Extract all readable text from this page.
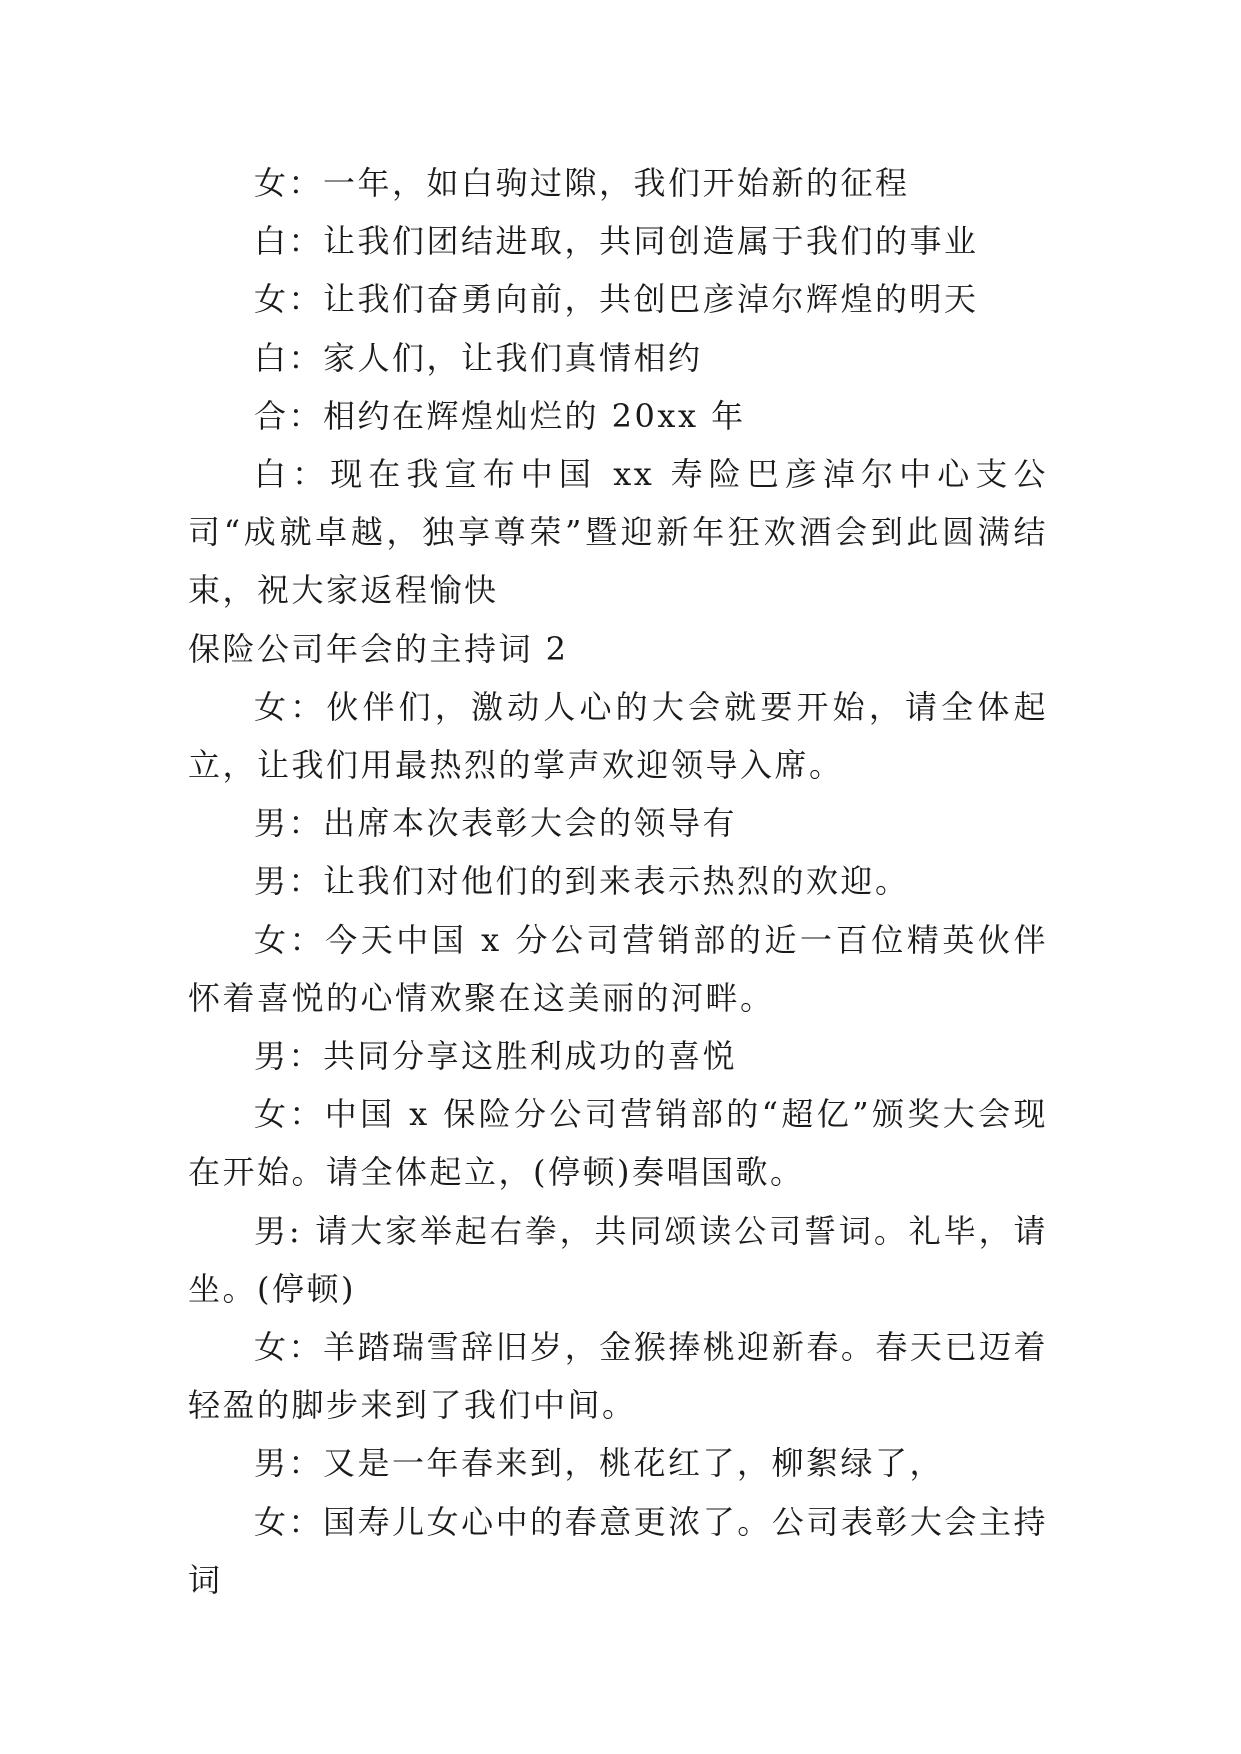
女：一年，如白驹过隙，我们开始新的征程

白：让我们团结进取，共同创造属于我们的事业

女：让我们奋勇向前，共创巴彦淖尔辉煌的明天

白：家人们，让我们真情相约

合：相约在辉煌灿烂的 20xx 年

白：现在我宣布中国 xx 寿险巴彦淖尔中心支公司“成就卓越，独享尊荣”暨迎新年狂欢酒会到此圆满结束，祝大家返程愉快

保险公司年会的主持词 2

女：伙伴们，激动人心的大会就要开始，请全体起立，让我们用最热烈的掌声欢迎领导入席。

男：出席本次表彰大会的领导有

男：让我们对他们的到来表示热烈的欢迎。

女：今天中国 x 分公司营销部的近一百位精英伙伴怀着喜悦的心情欢聚在这美丽的河畔。

男：共同分享这胜利成功的喜悦

女：中国 x 保险分公司营销部的“超亿”颁奖大会现在开始。请全体起立，(停顿)奏唱国歌。

男: 请大家举起右拳，共同颂读公司誓词。礼毕，请坐。(停顿)

女：羊踏瑞雪辞旧岁，金猴捧桃迎新春。春天已迈着轻盈的脚步来到了我们中间。

男：又是一年春来到，桃花红了，柳絮绿了，

女：国寿儿女心中的春意更浓了。公司表彰大会主持词
